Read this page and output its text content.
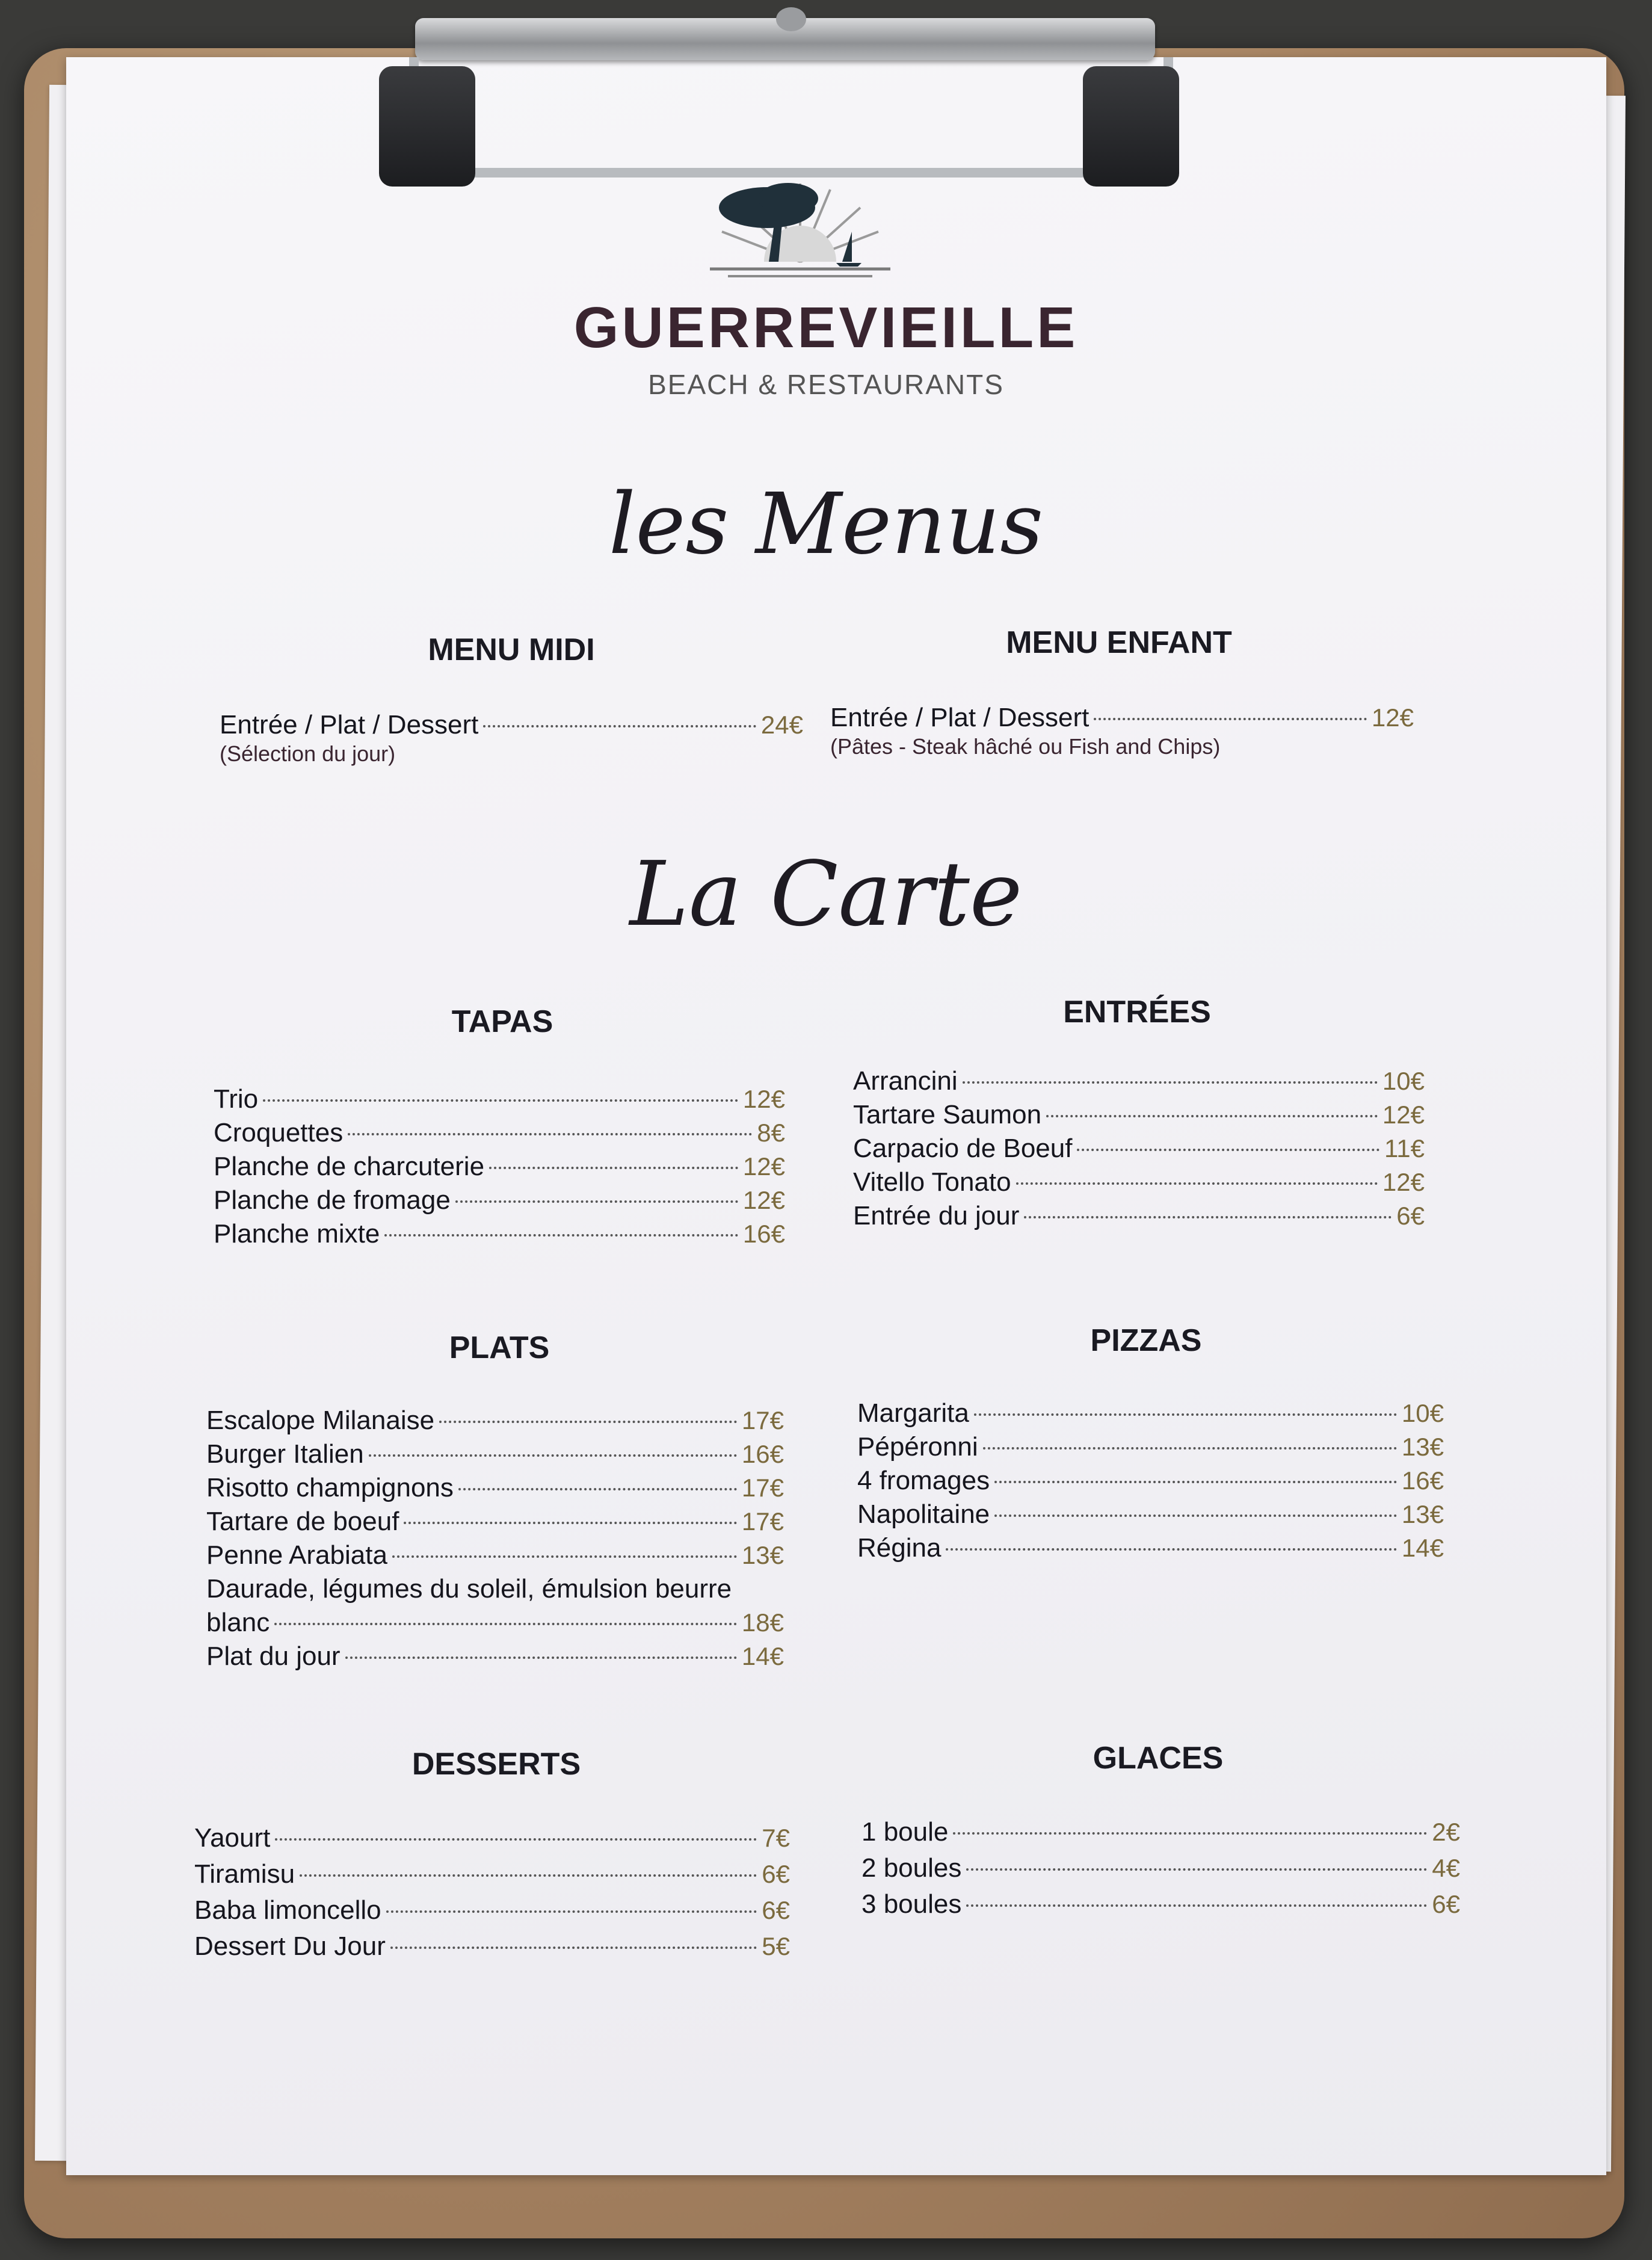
GUERREVIEILLE
BEACH & RESTAURANTS
les Menus
La Carte
MENU MIDI
Entrée / Plat / Dessert	24€
(Sélection du jour)
MENU ENFANT
Entrée / Plat / Dessert	12€
(Pâtes - Steak hâché ou Fish and Chips)
TAPAS
Trio	12€
Croquettes	8€
Planche de charcuterie	12€
Planche de fromage	12€
Planche mixte	16€
ENTRÉES
Arrancini	10€
Tartare Saumon	12€
Carpacio de Boeuf	11€
Vitello Tonato	12€
Entrée du jour	6€
PLATS
Escalope Milanaise	17€
Burger Italien	16€
Risotto champignons	17€
Tartare de boeuf	17€
Penne Arabiata	13€
Daurade, légumes du soleil, émulsion beurre
blanc	18€
Plat du jour	14€
PIZZAS
Margarita	10€
Pépéronni	13€
4 fromages	16€
Napolitaine	13€
Régina	14€
DESSERTS
Yaourt	7€
Tiramisu	6€
Baba limoncello	6€
Dessert Du Jour	5€
GLACES
1 boule	2€
2 boules	4€
3 boules	6€
